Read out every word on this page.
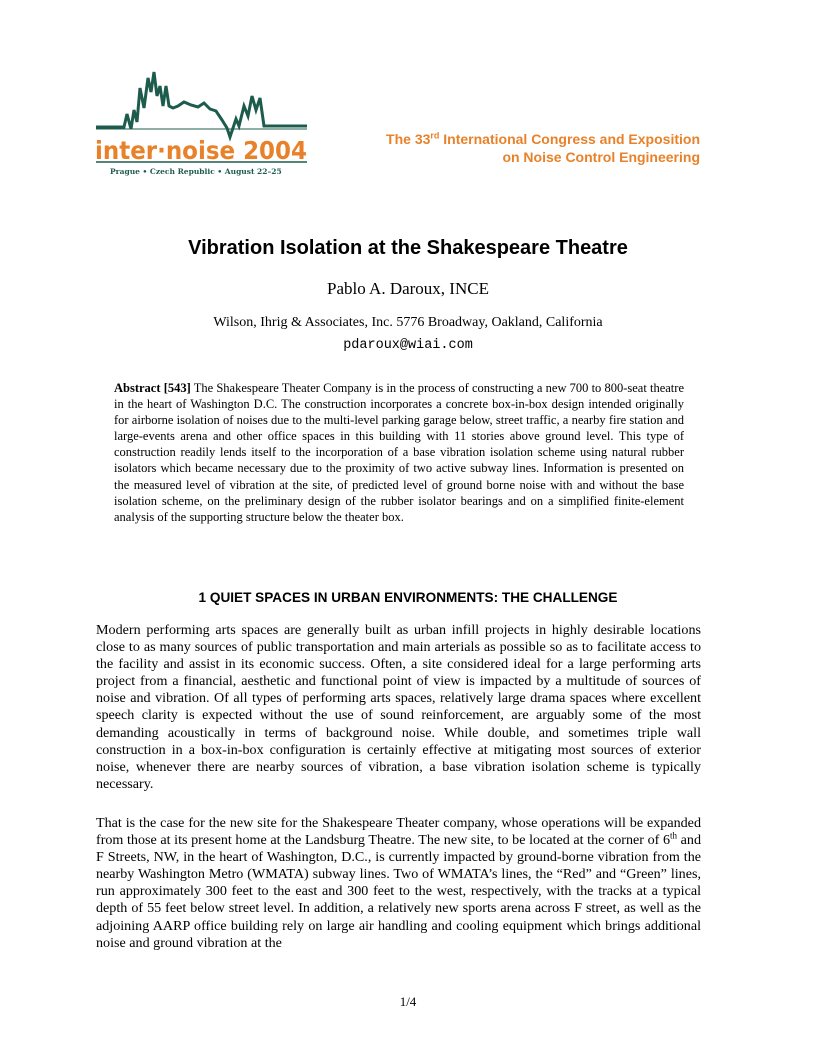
inter·noise 2004
Prague • Czech Republic • August 22–25
The 33rd International Congress and Exposition
on Noise Control Engineering
Vibration Isolation at the Shakespeare Theatre
Pablo A. Daroux, INCE
Wilson, Ihrig & Associates, Inc. 5776 Broadway, Oakland, California
pdaroux@wiai.com
Abstract [543] The Shakespeare Theater Company is in the process of constructing a new 700 to 800-seat theatre in the heart of Washington D.C. The construction incorporates a concrete box-in-box design intended originally for airborne isolation of noises due to the multi-level parking garage below, street traffic, a nearby fire station and large-events arena and other office spaces in this building with 11 stories above ground level. This type of construction readily lends itself to the incorporation of a base vibration isolation scheme using natural rubber isolators which became necessary due to the proximity of two active subway lines. Information is presented on the measured level of vibration at the site, of predicted level of ground borne noise with and without the base isolation scheme, on the preliminary design of the rubber isolator bearings and on a simplified finite-element analysis of the supporting structure below the theater box.
1 QUIET SPACES IN URBAN ENVIRONMENTS: THE CHALLENGE
Modern performing arts spaces are generally built as urban infill projects in highly desirable locations close to as many sources of public transportation and main arterials as possible so as to facilitate access to the facility and assist in its economic success. Often, a site considered ideal for a large performing arts project from a financial, aesthetic and functional point of view is impacted by a multitude of sources of noise and vibration. Of all types of performing arts spaces, relatively large drama spaces where excellent speech clarity is expected without the use of sound reinforcement, are arguably some of the most demanding acoustically in terms of background noise. While double, and sometimes triple wall construction in a box-in-box configuration is certainly effective at mitigating most sources of exterior noise, whenever there are nearby sources of vibration, a base vibration isolation scheme is typically necessary.
That is the case for the new site for the Shakespeare Theater company, whose operations will be expanded from those at its present home at the Landsburg Theatre. The new site, to be located at the corner of 6th and F Streets, NW, in the heart of Washington, D.C., is currently impacted by ground-borne vibration from the nearby Washington Metro (WMATA) subway lines. Two of WMATA’s lines, the “Red” and “Green” lines, run approximately 300 feet to the east and 300 feet to the west, respectively, with the tracks at a typical depth of 55 feet below street level. In addition, a relatively new sports arena across F street, as well as the adjoining AARP office building rely on large air handling and cooling equipment which brings additional noise and ground vibration at the
1/4
